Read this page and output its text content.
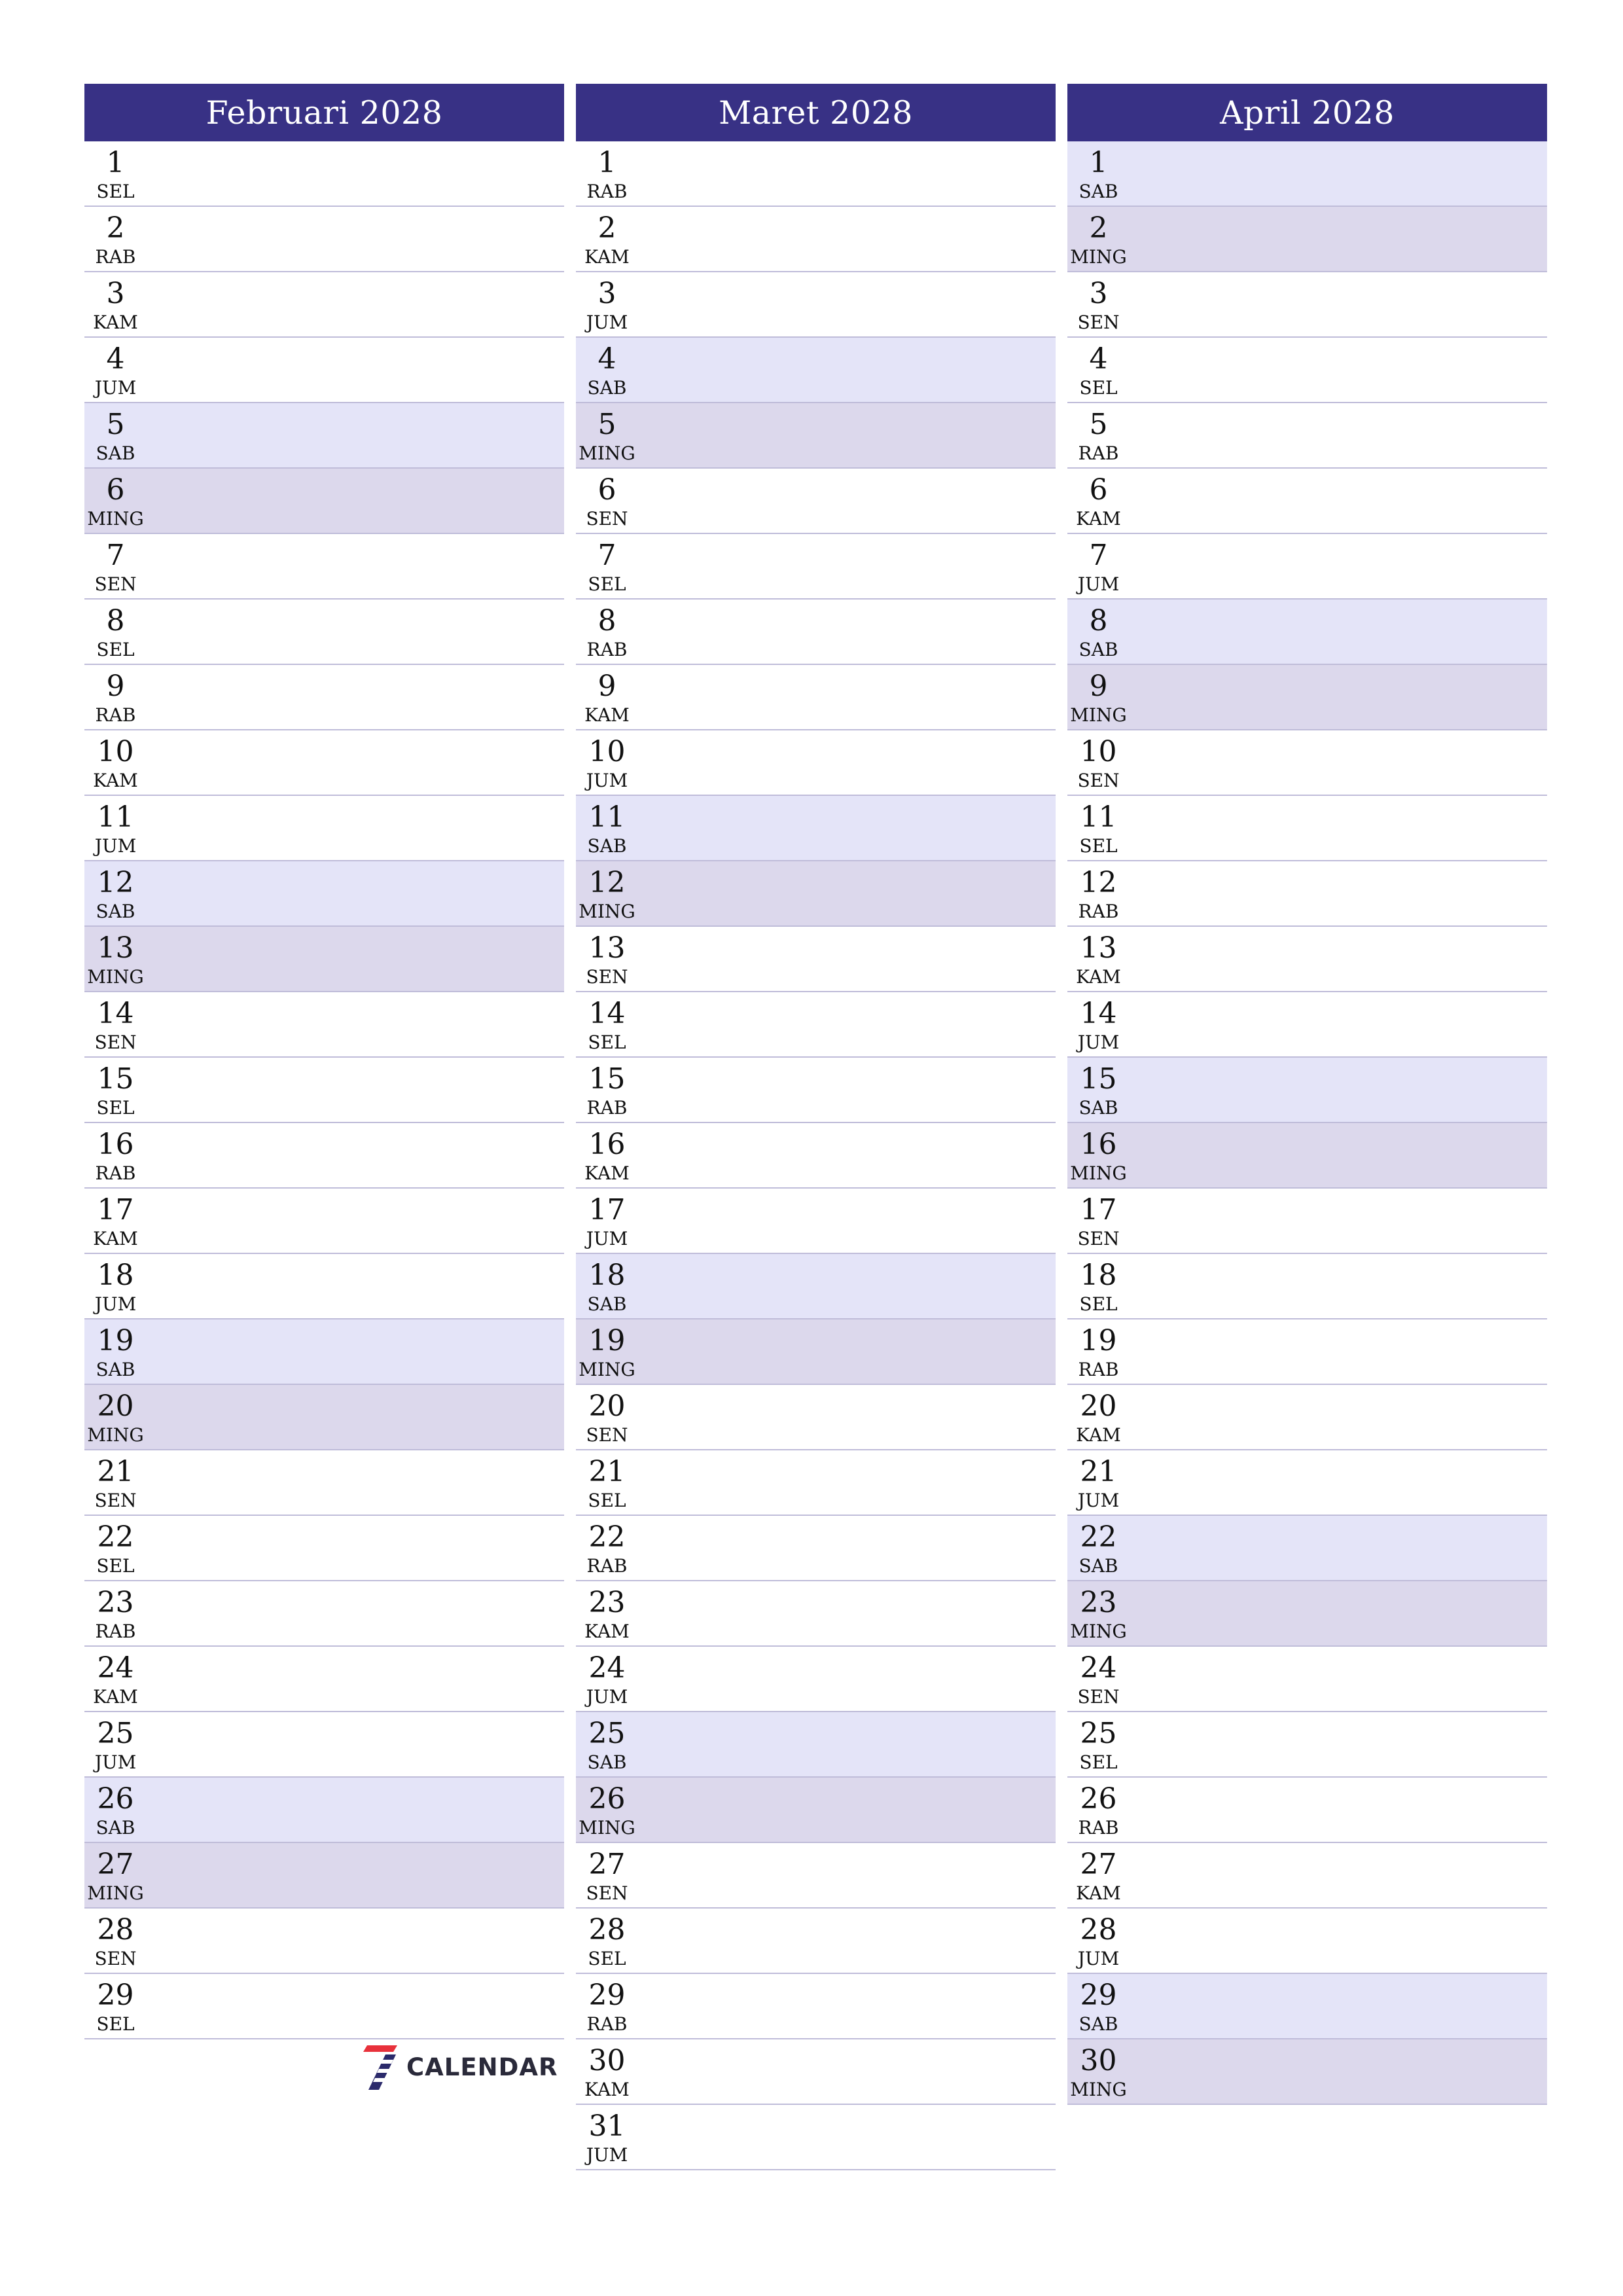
Februari 2028
1
SEL
2
RAB
3
KAM
4
JUM
5
SAB
6
MING
7
SEN
8
SEL
9
RAB
10
KAM
11
JUM
12
SAB
13
MING
14
SEN
15
SEL
16
RAB
17
KAM
18
JUM
19
SAB
20
MING
21
SEN
22
SEL
23
RAB
24
KAM
25
JUM
26
SAB
27
MING
28
SEN
29
SEL
Maret 2028
1
RAB
2
KAM
3
JUM
4
SAB
5
MING
6
SEN
7
SEL
8
RAB
9
KAM
10
JUM
11
SAB
12
MING
13
SEN
14
SEL
15
RAB
16
KAM
17
JUM
18
SAB
19
MING
20
SEN
21
SEL
22
RAB
23
KAM
24
JUM
25
SAB
26
MING
27
SEN
28
SEL
29
RAB
30
KAM
31
JUM
April 2028
1
SAB
2
MING
3
SEN
4
SEL
5
RAB
6
KAM
7
JUM
8
SAB
9
MING
10
SEN
11
SEL
12
RAB
13
KAM
14
JUM
15
SAB
16
MING
17
SEN
18
SEL
19
RAB
20
KAM
21
JUM
22
SAB
23
MING
24
SEN
25
SEL
26
RAB
27
KAM
28
JUM
29
SAB
30
MING
CALENDAR
